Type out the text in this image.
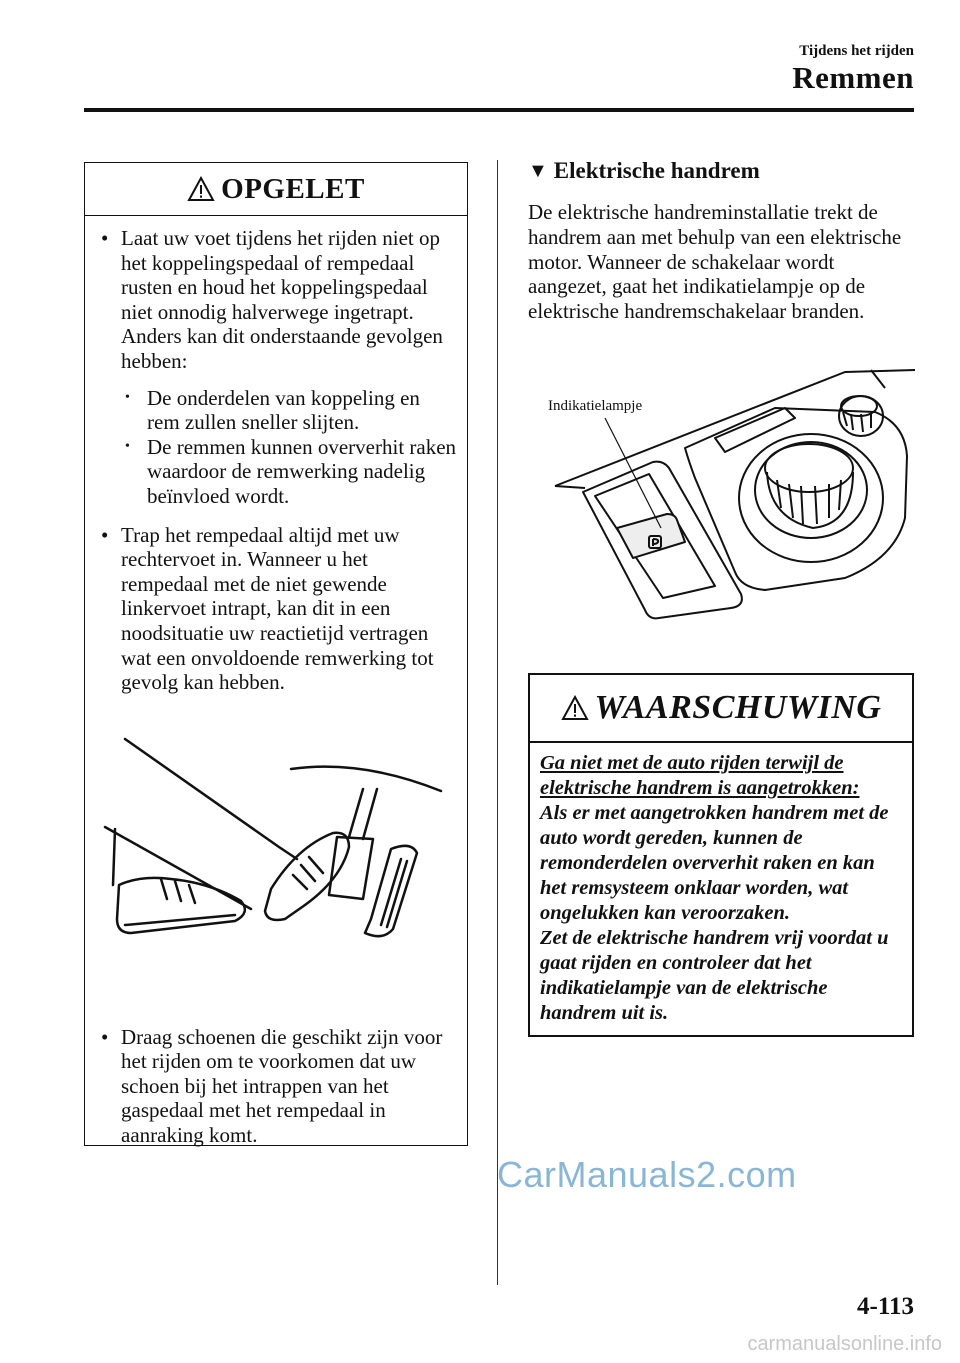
Tijdens het rijden
Remmen
OPGELET

• Laat uw voet tijdens het rijden niet op het koppelingspedaal of rempedaal rusten en houd het koppelingspedaal niet onnodig halverwege ingetrapt. Anders kan dit onderstaande gevolgen hebben:

• De onderdelen van koppeling en rem zullen sneller slijten.

• De remmen kunnen oververhit raken waardoor de remwerking nadelig beïnvloed wordt.

• Trap het rempedaal altijd met uw rechtervoet in. Wanneer u het rempedaal met de niet gewende linkervoet intrapt, kan dit in een noodsituatie uw reactietijd vertragen wat een onvoldoende remwerking tot gevolg kan hebben.

• Draag schoenen die geschikt zijn voor het rijden om te voorkomen dat uw schoen bij het intrappen van het gaspedaal met het rempedaal in aanraking komt.

▼ Elektrische handrem

De elektrische handreminstallatie trekt de handrem aan met behulp van een elektrische motor. Wanneer de schakelaar wordt aangezet, gaat het indikatielampje op de elektrische handremschakelaar branden.

Indikatielampje
WAARSCHUWING

Ga niet met de auto rijden terwijl de elektrische handrem is aangetrokken:

Als er met aangetrokken handrem met de auto wordt gereden, kunnen de remonderdelen oververhit raken en kan het remsysteem onklaar worden, wat ongelukken kan veroorzaken.

Zet de elektrische handrem vrij voordat u gaat rijden en controleer dat het indikatielampje van de elektrische handrem uit is.

4-113
CarManuals2.com
carmanualsonline.info
